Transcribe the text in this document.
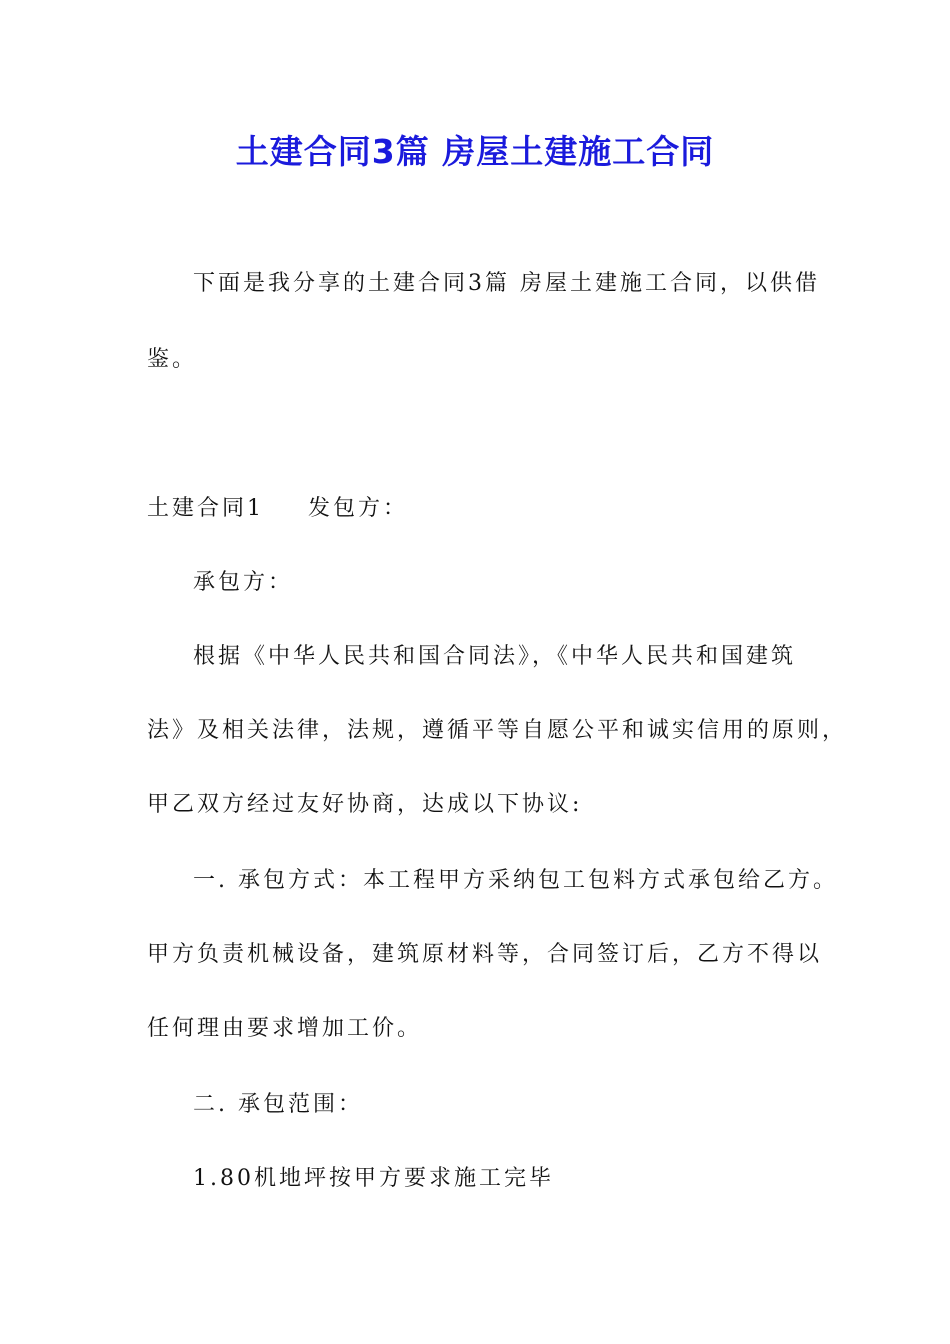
土建合同3篇 房屋土建施工合同
下面是我分享的土建合同3篇 房屋土建施工合同，以供借
鉴。
土建合同1 发包方：
承包方：
根据《中华人民共和国合同法》，《中华人民共和国建筑
法》及相关法律，法规，遵循平等自愿公平和诚实信用的原则，
甲乙双方经过友好协商，达成以下协议:
一. 承包方式：本工程甲方采纳包工包料方式承包给乙方。
甲方负责机械设备，建筑原材料等，合同签订后，乙方不得以
任何理由要求增加工价。
二. 承包范围：
1.80机地坪按甲方要求施工完毕
